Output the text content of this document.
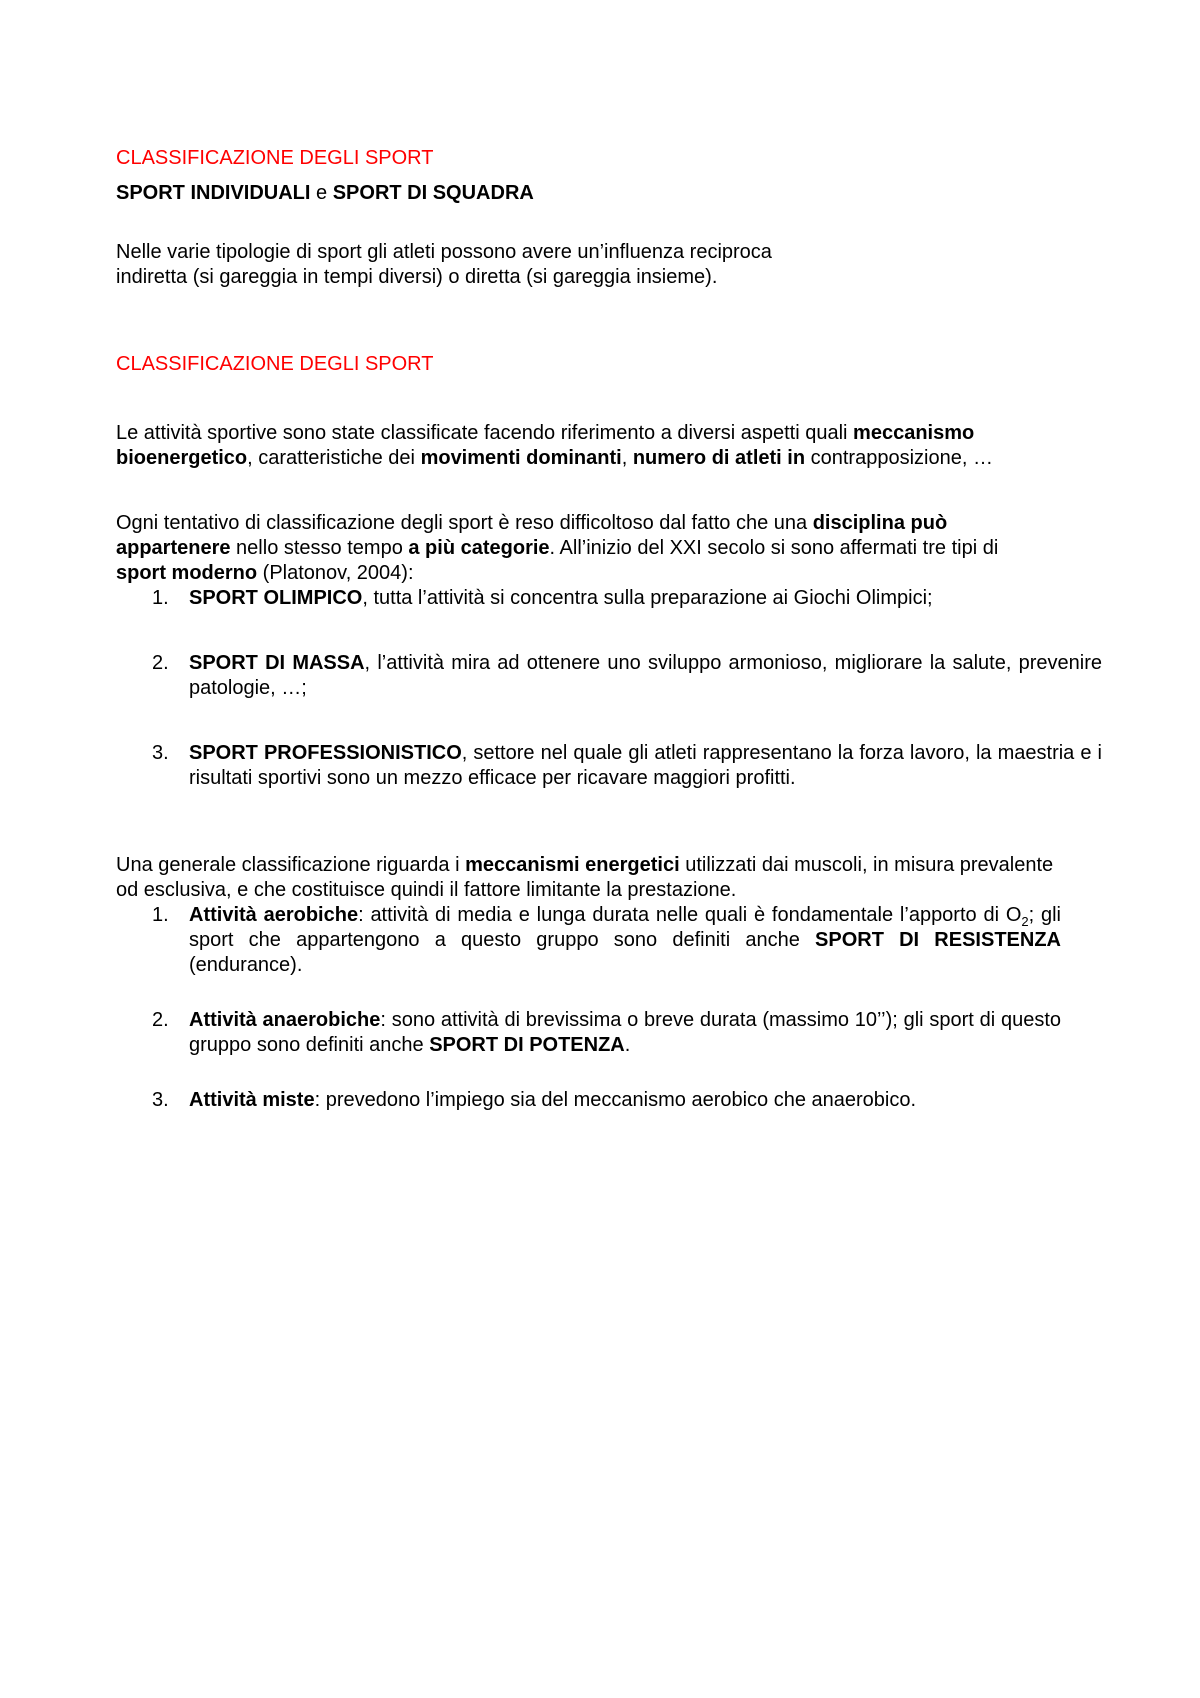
CLASSIFICAZIONE DEGLI SPORT

SPORT INDIVIDUALI e SPORT DI SQUADRA

Nelle varie tipologie di sport gli atleti possono avere un’influenza reciproca
indiretta (si gareggia in tempi diversi) o diretta (si gareggia insieme).

CLASSIFICAZIONE DEGLI SPORT

Le attività sportive sono state classificate facendo riferimento a diversi aspetti quali meccanismo bioenergetico, caratteristiche dei movimenti dominanti, numero di atleti in contrapposizione, …

Ogni tentativo di classificazione degli sport è reso difficoltoso dal fatto che una disciplina può appartenere nello stesso tempo a più categorie. All’inizio del XXI secolo si sono affermati tre tipi di sport moderno (Platonov, 2004):

1. SPORT OLIMPICO, tutta l’attività si concentra sulla preparazione ai Giochi Olimpici;
2. SPORT DI MASSA, l’attività mira ad ottenere uno sviluppo armonioso, migliorare la salute, prevenire patologie, …;
3. SPORT PROFESSIONISTICO, settore nel quale gli atleti rappresentano la forza lavoro, la maestria e i risultati sportivi sono un mezzo efficace per ricavare maggiori profitti.

Una generale classificazione riguarda i meccanismi energetici utilizzati dai muscoli, in misura prevalente od esclusiva, e che costituisce quindi il fattore limitante la prestazione.

1. Attività aerobiche: attività di media e lunga durata nelle quali è fondamentale l’apporto di $O_2$; gli sport che appartengono a questo gruppo sono definiti anche SPORT DI RESISTENZA (endurance).
2. Attività anaerobiche: sono attività di brevissima o breve durata (massimo 10’’); gli sport di questo gruppo sono definiti anche SPORT DI POTENZA.
3. Attività miste: prevedono l’impiego sia del meccanismo aerobico che anaerobico.
